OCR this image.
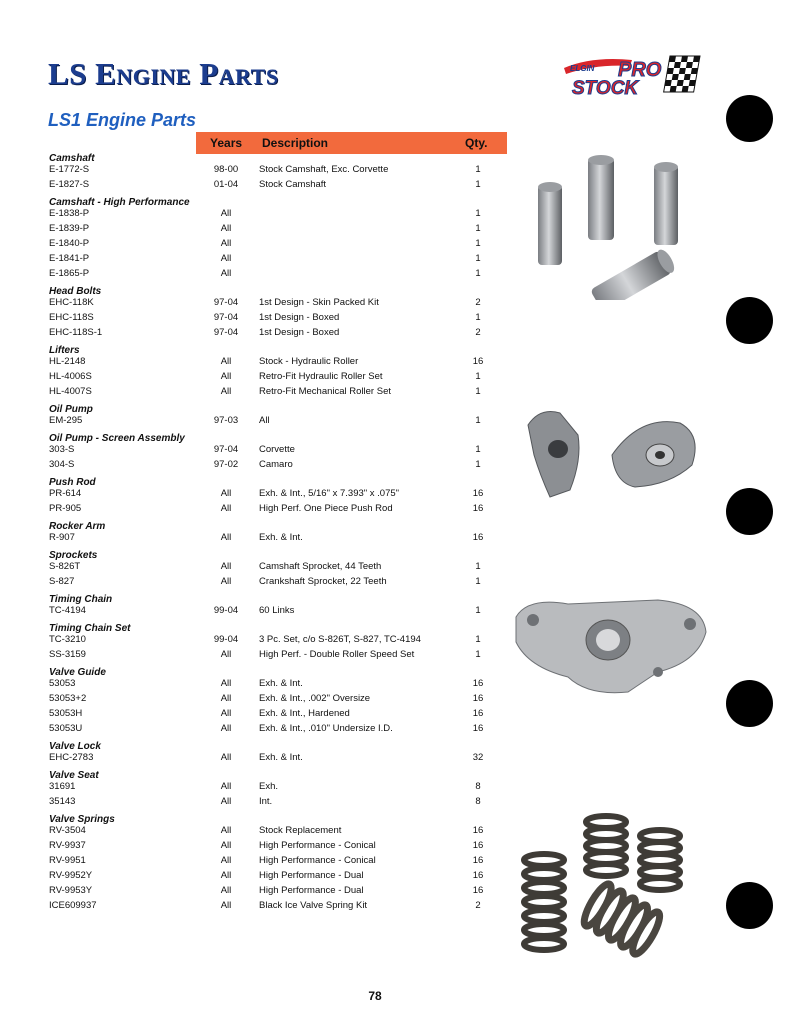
LS Engine Parts	ELGIN PRO
STOCK
LS1 Engine Parts
Years Description	Qty.
Camshaft
E-1772-S	98-00	Stock Camshaft, Exc. Corvette	1
E-1827-S	01-04	Stock Camshaft	1
Camshaft - High Performance
E-1838-P	All	1
E-1839-P	All	1
E-1840-P	All	1
E-1841-P	All	1
E-1865-P	All	1
Head Bolts
EHC-118K	97-04	1st Design - Skin Packed Kit	2
EHC-118S	97-04	1st Design - Boxed	1
EHC-118S-1	97-04	1st Design - Boxed	2
Lifters
HL-2148	All	Stock - Hydraulic Roller	16
HL-4006S	All	Retro-Fit Hydraulic Roller Set	1
HL-4007S	All	Retro-Fit Mechanical Roller Set	1
Oil Pump
EM-295	97-03	All	1
Oil Pump - Screen Assembly
303-S	97-04	Corvette	1
304-S	97-02	Camaro	1
Push Rod
PR-614	All	Exh. & Int., 5/16" x 7.393" x .075"	16
PR-905	All	High Perf. One Piece Push Rod	16
Rocker Arm
R-907	All	Exh. & Int.	16
Sprockets
S-826T	All	Camshaft Sprocket, 44 Teeth	1
S-827	All	Crankshaft Sprocket, 22 Teeth	1
Timing Chain
TC-4194	99-04	60 Links	1
Timing Chain Set
TC-3210	99-04	3 Pc. Set, c/o S-826T, S-827, TC-4194	1
SS-3159	All	High Perf. - Double Roller Speed Set	1
Valve Guide
53053	All	Exh. & Int.	16
53053+2	All	Exh. & Int., .002" Oversize	16
53053H	All	Exh. & Int., Hardened	16
53053U	All	Exh. & Int., .010" Undersize I.D.	16
Valve Lock
EHC-2783	All	Exh. & Int.	32
Valve Seat
31691	All	Exh.	8
35143	All	Int.	8
Valve Springs
RV-3504	All	Stock Replacement	16
RV-9937	All	High Performance - Conical	16
RV-9951	All	High Performance - Conical	16
RV-9952Y	All	High Performance - Dual	16
RV-9953Y	All	High Performance - Dual	16
ICE609937	All	Black Ice Valve Spring Kit	2
78
